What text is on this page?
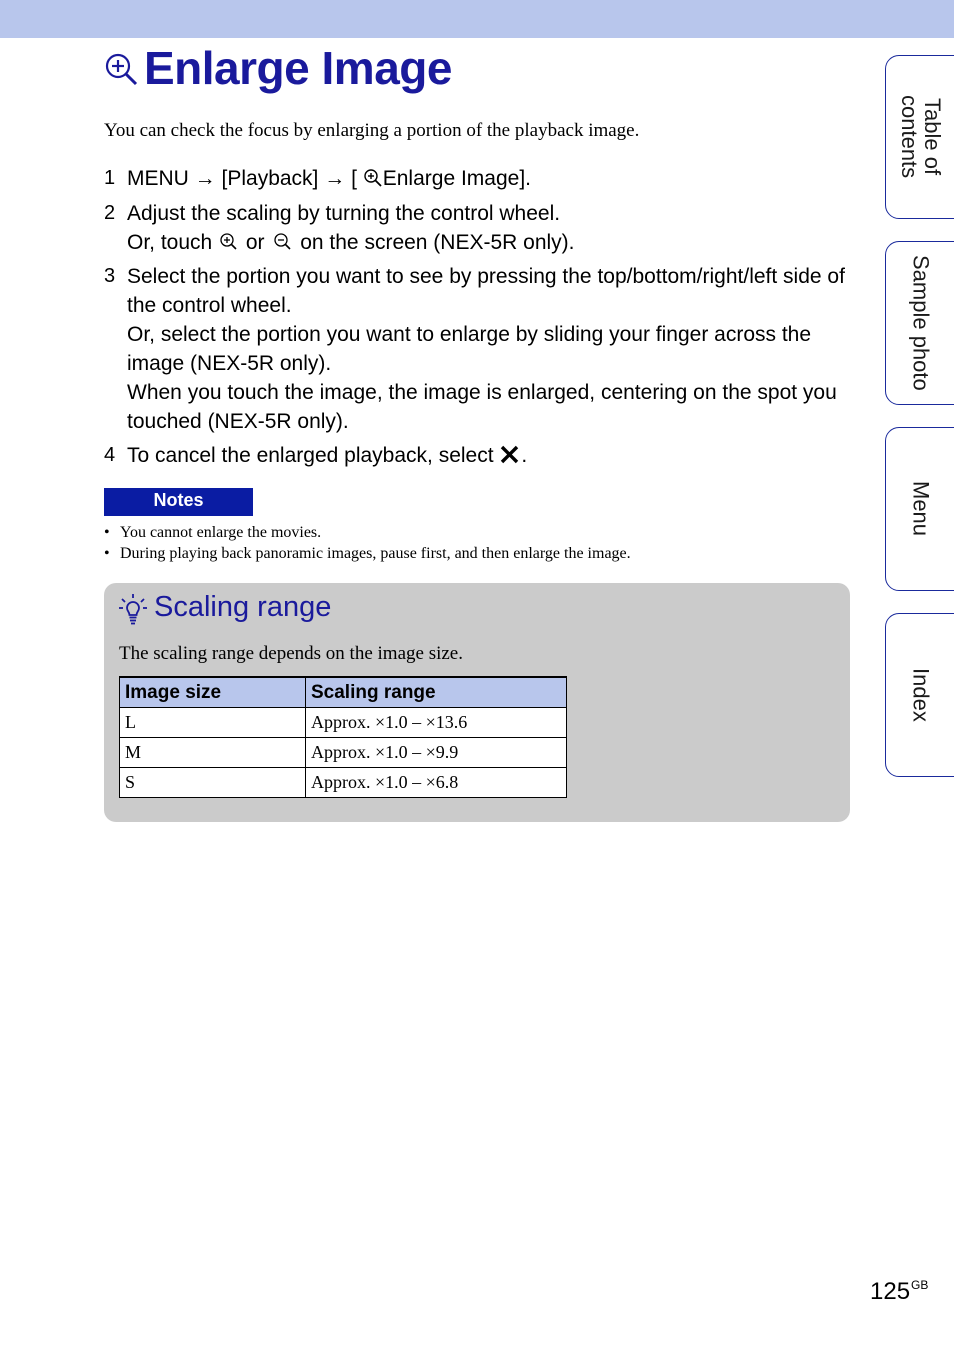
Enlarge Image
You can check the focus by enlarging a portion of the playback image.
1 MENU → [Playback] → [ Enlarge Image].
2 Adjust the scaling by turning the control wheel.
Or, touch  or  on the screen (NEX-5R only).
3 Select the portion you want to see by pressing the top/bottom/right/left side of the control wheel.
Or, select the portion you want to enlarge by sliding your finger across the image (NEX-5R only).
When you touch the image, the image is enlarged, centering on the spot you touched (NEX-5R only).
4 To cancel the enlarged playback, select .
Notes
• You cannot enlarge the movies.
• During playing back panoramic images, pause first, and then enlarge the image.
Scaling range
The scaling range depends on the image size.
Image size	Scaling range
L	Approx. ×1.0 – ×13.6
M	Approx. ×1.0 – ×9.9
S	Approx. ×1.0 – ×6.8
Table of
contents
Sample photo
Menu
Index
$125^{GB}$
